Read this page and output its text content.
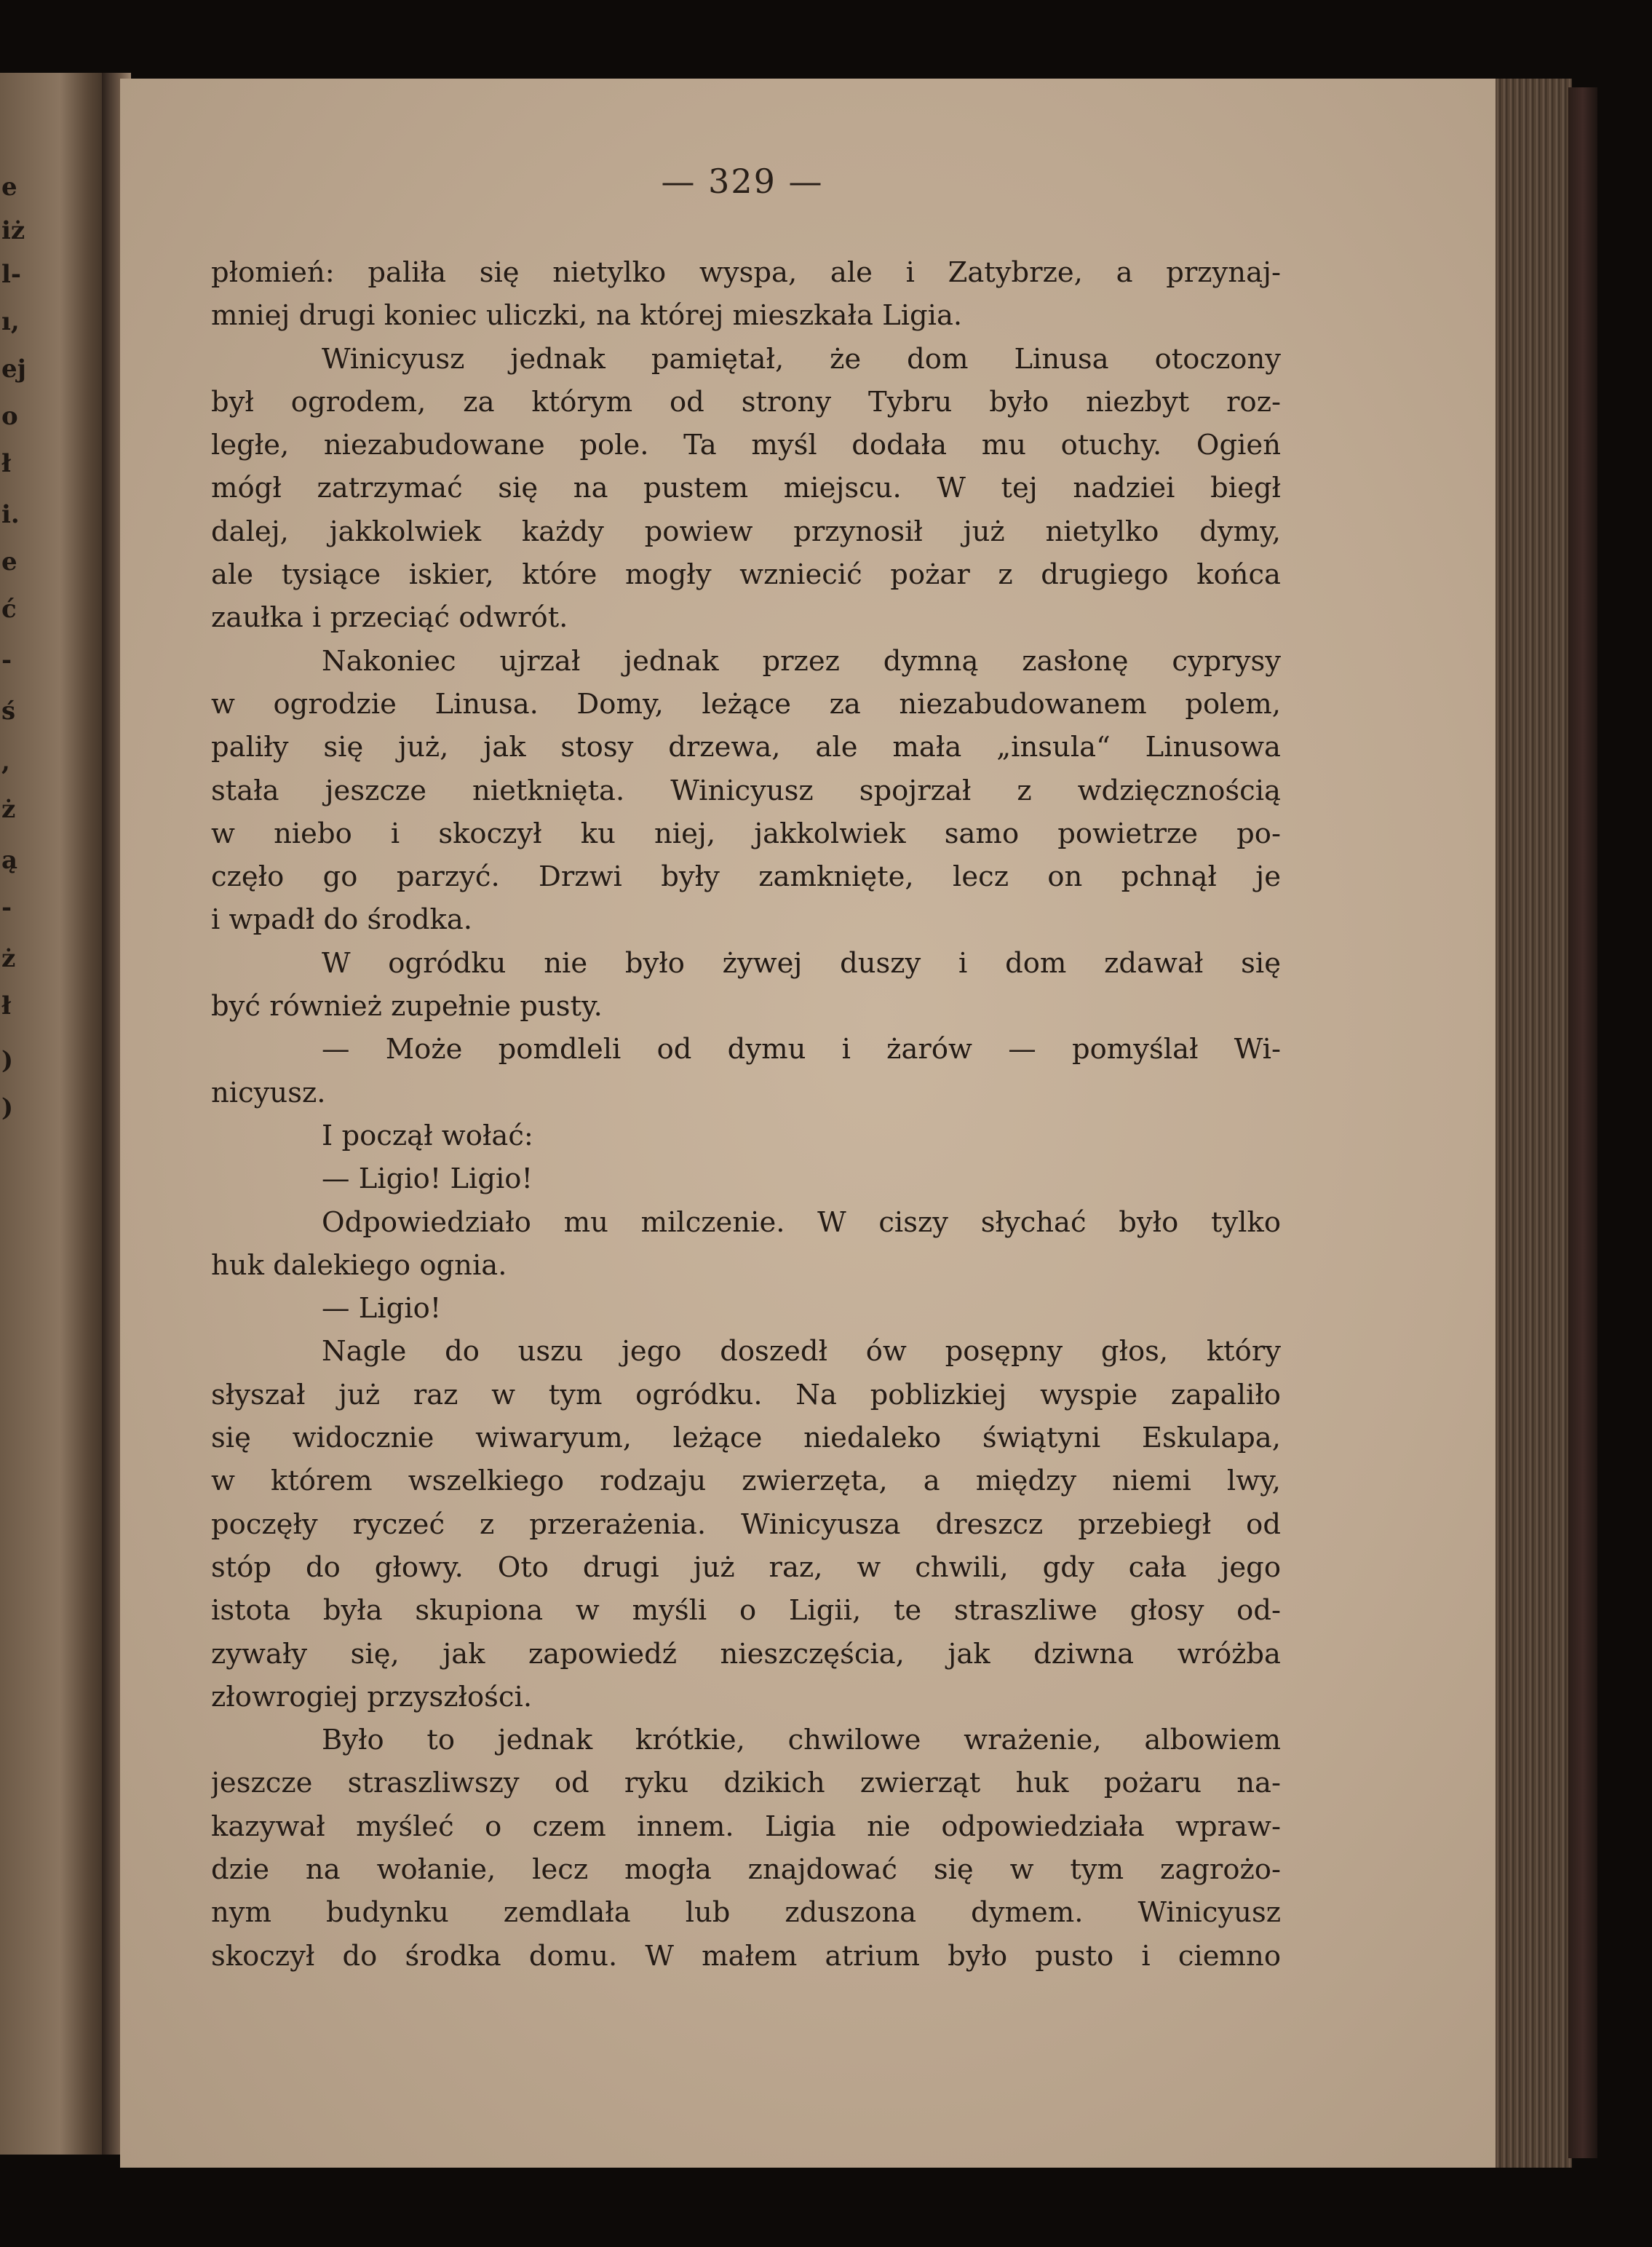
e
iż
l-
ı,
ej
o
ł
i.
e
ć
-
ś
,
ż
ą
-
ż
ł
)
)
— 329 —
płomień: paliła się nietylko wyspa, ale i Zatybrze, a przynaj-
mniej drugi koniec uliczki, na której mieszkała Ligia.
Winicyusz jednak pamiętał, że dom Linusa otoczony
był ogrodem, za którym od strony Tybru było niezbyt roz-
ległe, niezabudowane pole. Ta myśl dodała mu otuchy. Ogień
mógł zatrzymać się na pustem miejscu. W tej nadziei biegł
dalej, jakkolwiek każdy powiew przynosił już nietylko dymy,
ale tysiące iskier, które mogły wzniecić pożar z drugiego końca
zaułka i przeciąć odwrót.
Nakoniec ujrzał jednak przez dymną zasłonę cyprysy
w ogrodzie Linusa. Domy, leżące za niezabudowanem polem,
paliły się już, jak stosy drzewa, ale mała „insula“ Linusowa
stała jeszcze nietknięta. Winicyusz spojrzał z wdzięcznością
w niebo i skoczył ku niej, jakkolwiek samo powietrze po-
częło go parzyć. Drzwi były zamknięte, lecz on pchnął je
i wpadł do środka.
W ogródku nie było żywej duszy i dom zdawał się
być również zupełnie pusty.
— Może pomdleli od dymu i żarów — pomyślał Wi-
nicyusz.
I począł wołać:
— Ligio! Ligio!
Odpowiedziało mu milczenie. W ciszy słychać było tylko
huk dalekiego ognia.
— Ligio!
Nagle do uszu jego doszedł ów posępny głos, który
słyszał już raz w tym ogródku. Na poblizkiej wyspie zapaliło
się widocznie wiwaryum, leżące niedaleko świątyni Eskulapa,
w którem wszelkiego rodzaju zwierzęta, a między niemi lwy,
poczęły ryczeć z przerażenia. Winicyusza dreszcz przebiegł od
stóp do głowy. Oto drugi już raz, w chwili, gdy cała jego
istota była skupiona w myśli o Ligii, te straszliwe głosy od-
zywały się, jak zapowiedź nieszczęścia, jak dziwna wróżba
złowrogiej przyszłości.
Było to jednak krótkie, chwilowe wrażenie, albowiem
jeszcze straszliwszy od ryku dzikich zwierząt huk pożaru na-
kazywał myśleć o czem innem. Ligia nie odpowiedziała wpraw-
dzie na wołanie, lecz mogła znajdować się w tym zagrożo-
nym budynku zemdlała lub zduszona dymem. Winicyusz
skoczył do środka domu. W małem atrium było pusto i ciemno
